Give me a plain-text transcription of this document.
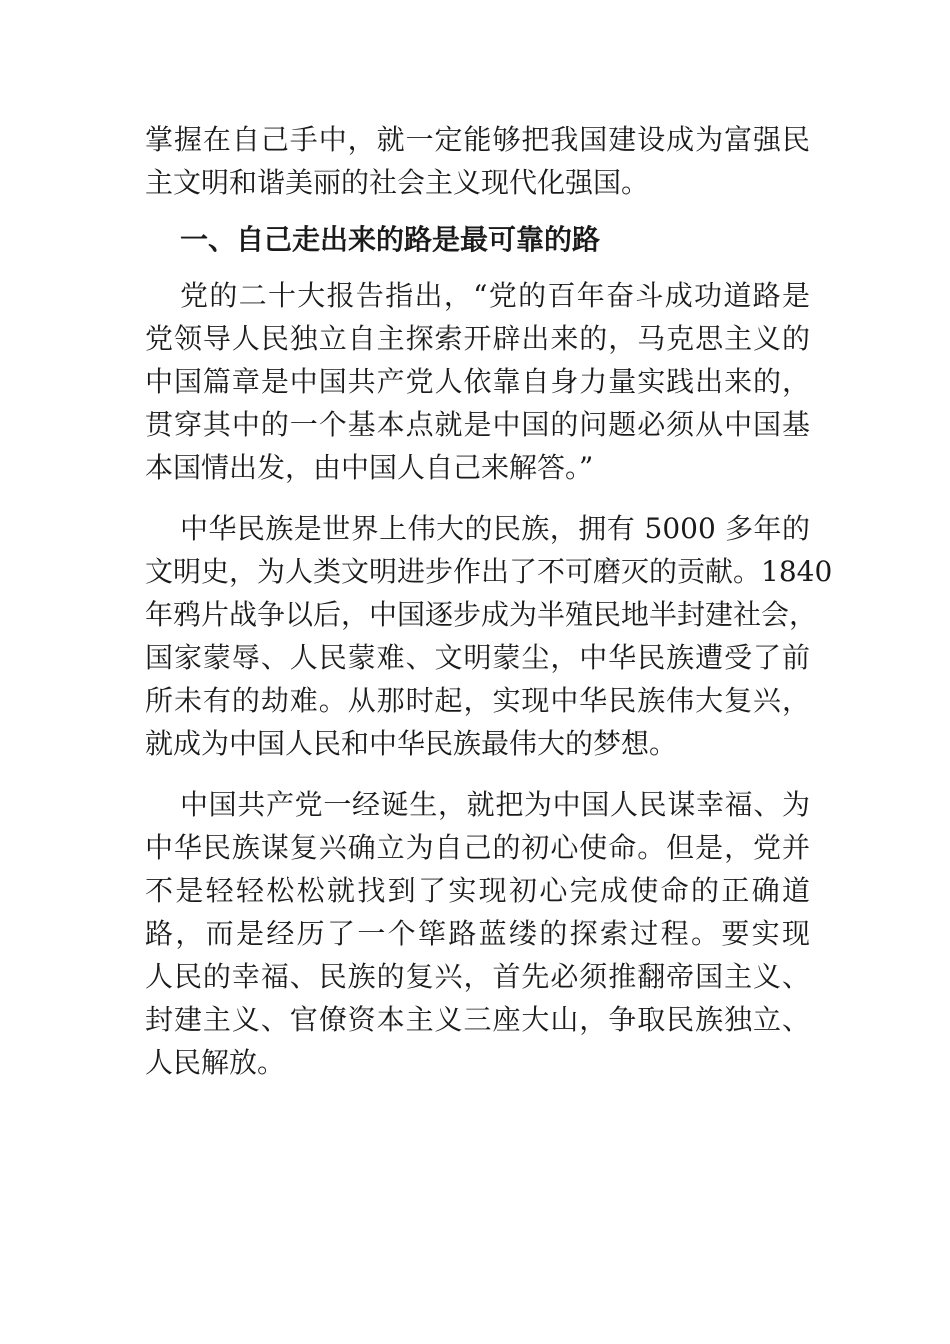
掌握在自己手中，就一定能够把我国建设成为富强民
主文明和谐美丽的社会主义现代化强国。
一、自己走出来的路是最可靠的路
党的二十大报告指出，“党的百年奋斗成功道路是
党领导人民独立自主探索开辟出来的，马克思主义的
中国篇章是中国共产党人依靠自身力量实践出来的，
贯穿其中的一个基本点就是中国的问题必须从中国基
本国情出发，由中国人自己来解答。”
中华民族是世界上伟大的民族，拥有 5000 多年的
文明史，为人类文明进步作出了不可磨灭的贡献。1840
年鸦片战争以后，中国逐步成为半殖民地半封建社会，
国家蒙辱、人民蒙难、文明蒙尘，中华民族遭受了前
所未有的劫难。从那时起，实现中华民族伟大复兴，
就成为中国人民和中华民族最伟大的梦想。
中国共产党一经诞生，就把为中国人民谋幸福、为
中华民族谋复兴确立为自己的初心使命。但是，党并
不是轻轻松松就找到了实现初心完成使命的正确道
路，而是经历了一个筚路蓝缕的探索过程。要实现
人民的幸福、民族的复兴，首先必须推翻帝国主义、
封建主义、官僚资本主义三座大山，争取民族独立、
人民解放。
